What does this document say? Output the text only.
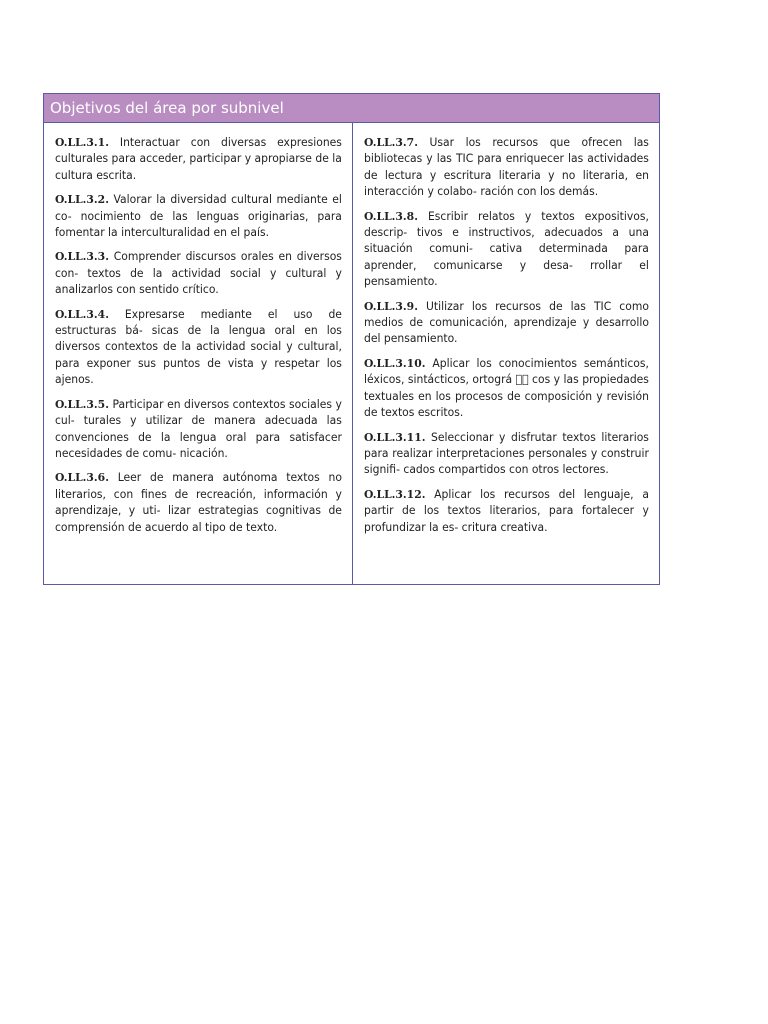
Objetivos del área por subnivel

O.LL.3.1. Interactuar con diversas expresiones culturales para acceder, participar y apropiarse de la cultura escrita.

O.LL.3.2. Valorar la diversidad cultural mediante el co- nocimiento de las lenguas originarias, para fomentar la interculturalidad en el país.

O.LL.3.3. Comprender discursos orales en diversos con- textos de la actividad social y cultural y analizarlos con sentido crítico.

O.LL.3.4. Expresarse mediante el uso de estructuras bá- sicas de la lengua oral en los diversos contextos de la actividad social y cultural, para exponer sus puntos de vista y respetar los ajenos.

O.LL.3.5. Participar en diversos contextos sociales y cul- turales y utilizar de manera adecuada las convenciones de la lengua oral para satisfacer necesidades de comu- nicación.

O.LL.3.6. Leer de manera autónoma textos no literarios, con fines de recreación, información y aprendizaje, y uti- lizar estrategias cognitivas de comprensión de acuerdo al tipo de texto.

O.LL.3.7. Usar los recursos que ofrecen las bibliotecas y las TIC para enriquecer las actividades de lectura y escritura literaria y no literaria, en interacción y colabo- ración con los demás.

O.LL.3.8. Escribir relatos y textos expositivos, descrip- tivos e instructivos, adecuados a una situación comuni- cativa determinada para aprender, comunicarse y desa- rrollar el pensamiento.

O.LL.3.9. Utilizar los recursos de las TIC como medios de comunicación, aprendizaje y desarrollo del pensamiento.

O.LL.3.10. Aplicar los conocimientos semánticos, léxicos, sintácticos, ortográ ￾￾ cos y las propiedades textuales en los procesos de composición y revisión de textos escritos.

O.LL.3.11. Seleccionar y disfrutar textos literarios para realizar interpretaciones personales y construir signifi- cados compartidos con otros lectores.

O.LL.3.12. Aplicar los recursos del lenguaje, a partir de los textos literarios, para fortalecer y profundizar la es- critura creativa.
